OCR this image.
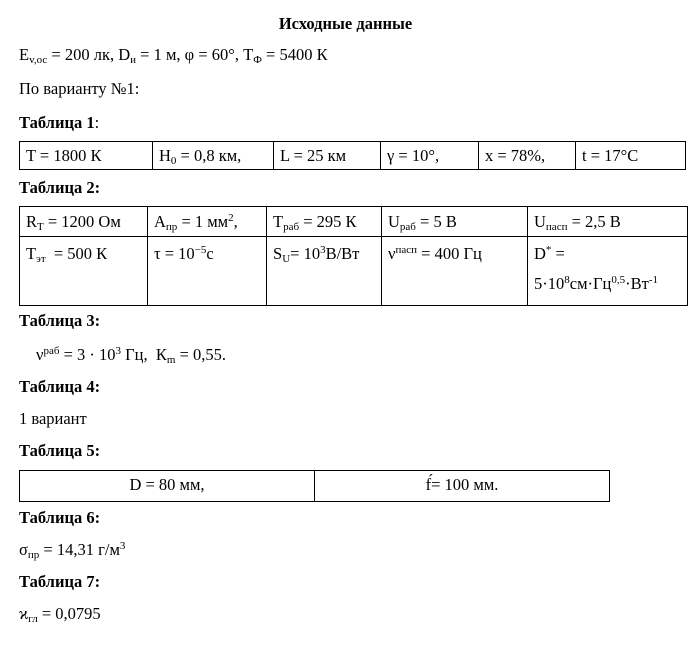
Исходные данные
$E_{v,ос} = 200$ лк, $D_и = 1$ м, φ = 60°, $T_Ф = 5400$ К
По варианту №1:
Таблица 1:
T = 1800 К	$H_0 = 0,8$ км,	L = 25 км	γ = 10°,	x = 78%,	t = 17°C
Таблица 2:
$R_T = 1200$ Ом	$A_{пр} = 1$ $мм^2$,	$T_{раб} = 295$ К	$U_{раб} = 5$ В	$U_{пасп} = 2,5$ В
$T_{эт} = 500$ К	$\tau = 10^{-5}с$	$S_U= 10^3В/Вт$	$\nu^{пасп} = 400$ Гц	D* =
$5\cdot 10^8см\cdot Гц^{0,5}\cdot Вт^{-1}$
Таблица 3:
$\nu^{раб} = 3 \cdot 10^3$ Гц,  $К_m = 0,55$.
Таблица 4:
1 вариант
Таблица 5:
D = 80 мм,	f́= 100 мм.
Таблица 6:
$\sigma_{пр} = 14,31$ $г/м^3$
Таблица 7:
$ϰ_{гл} = 0,0795$
